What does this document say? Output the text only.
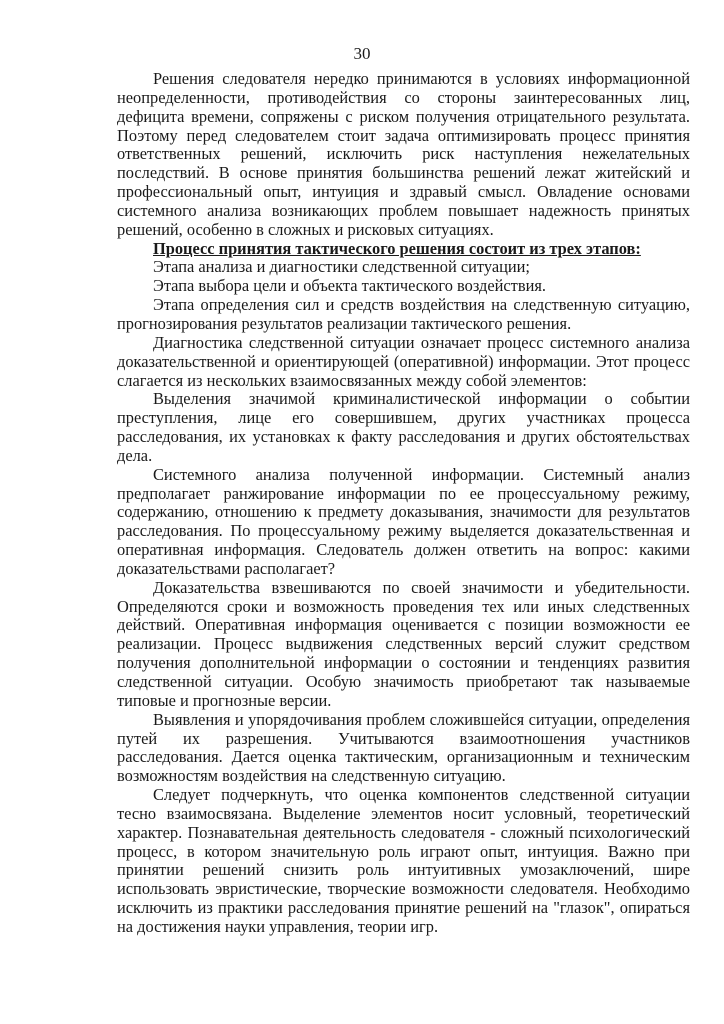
30

Решения следователя нередко принимаются в условиях информационной неопределенности, противодействия со стороны заинтересованных лиц, дефицита времени, сопряжены с риском получения отрицательного результата. Поэтому перед следователем стоит задача оптимизировать процесс принятия ответственных решений, исключить риск наступления нежелательных последствий. В основе принятия большинства решений лежат житейский и профессиональный опыт, интуиция и здравый смысл. Овладение основами системного анализа возникающих проблем повышает надежность принятых решений, особенно в сложных и рисковых ситуациях.

Процесс принятия тактического решения состоит из трех этапов:

Этапа анализа и диагностики следственной ситуации;

Этапа выбора цели и объекта тактического воздействия.

Этапа определения сил и средств воздействия на следственную ситуацию, прогнозирования результатов реализации тактического решения.

Диагностика следственной ситуации означает процесс системного анализа доказательственной и ориентирующей (оперативной) информации. Этот процесс слагается из нескольких взаимосвязанных между собой элементов:

Выделения значимой криминалистической информации о событии преступления, лице его совершившем, других участниках процесса расследования, их установках к факту расследования и других обстоятельствах дела.

Системного анализа полученной информации. Системный анализ предполагает ранжирование информации по ее процессуальному режиму, содержанию, отношению к предмету доказывания, значимости для результатов расследования. По процессуальному режиму выделяется доказательственная и оперативная информация. Следователь должен ответить на вопрос: какими доказательствами располагает?

Доказательства взвешиваются по своей значимости и убедительности. Определяются сроки и возможность проведения тех или иных следственных действий. Оперативная информация оценивается с позиции возможности ее реализации. Процесс выдвижения следственных версий служит средством получения дополнительной информации о состоянии и тенденциях развития следственной ситуации. Особую значимость приобретают так называемые типовые и прогнозные версии.

Выявления и упорядочивания проблем сложившейся ситуации, определения путей их разрешения. Учитываются взаимоотношения участников расследования. Дается оценка тактическим, организационным и техническим возможностям воздействия на следственную ситуацию.

Следует подчеркнуть, что оценка компонентов следственной ситуации тесно взаимосвязана. Выделение элементов носит условный, теоретический характер. Познавательная деятельность следователя - сложный психологический процесс, в котором значительную роль играют опыт, интуиция. Важно при принятии решений снизить роль интуитивных умозаключений, шире использовать эвристические, творческие возможности следователя. Необходимо исключить из практики расследования принятие решений на "глазок", опираться на достижения науки управления, теории игр.
